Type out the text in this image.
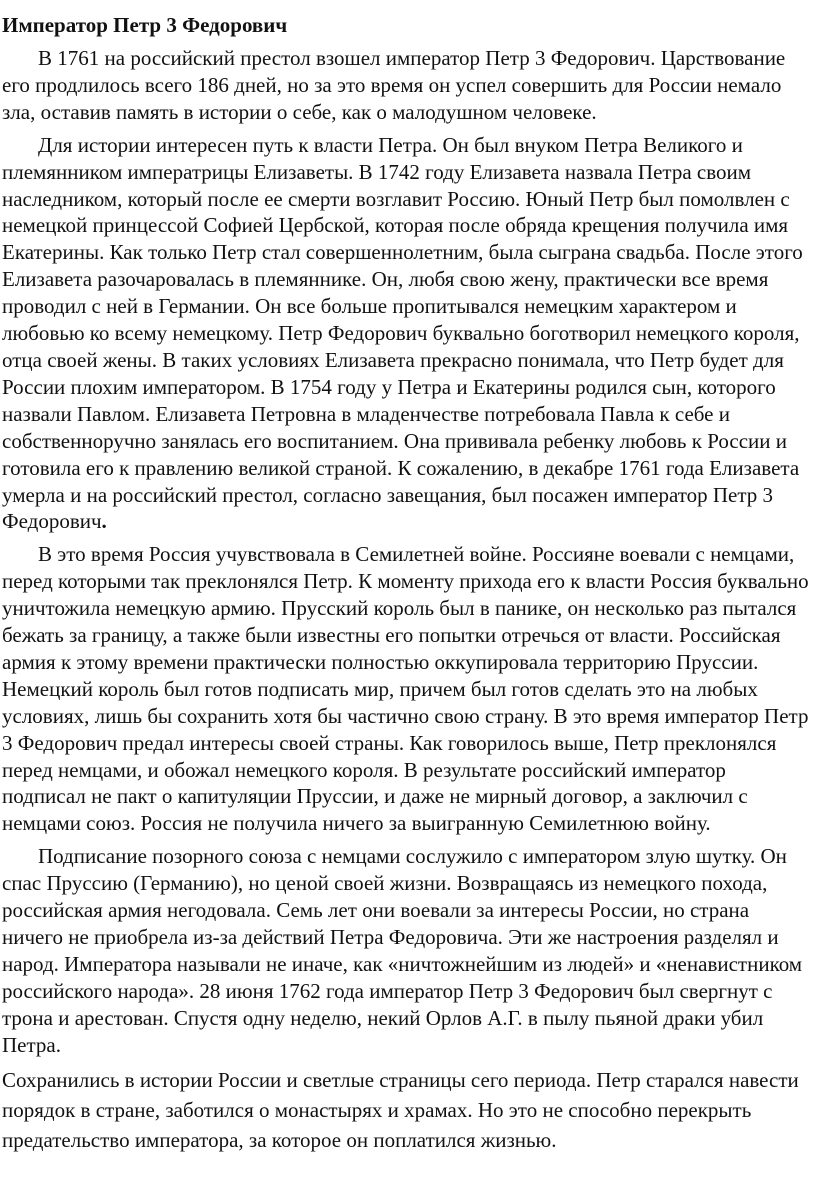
Император Петр 3 Федорович

В 1761 на российский престол взошел император Петр 3 Федорович. Царствование его продлилось всего 186 дней, но за это время он успел совершить для России немало зла, оставив память в истории о себе, как о малодушном человеке.

Для истории интересен путь к власти Петра. Он был внуком Петра Великого и племянником императрицы Елизаветы. В 1742 году Елизавета назвала Петра своим наследником, который после ее смерти возглавит Россию. Юный Петр был помолвлен с немецкой принцессой Софией Цербской, которая после обряда крещения получила имя Екатерины. Как только Петр стал совершеннолетним, была сыграна свадьба. После этого Елизавета разочаровалась в племяннике. Он, любя свою жену, практически все время проводил с ней в Германии. Он все больше пропитывался немецким характером и любовью ко всему немецкому. Петр Федорович буквально боготворил немецкого короля, отца своей жены. В таких условиях Елизавета прекрасно понимала, что Петр будет для России плохим императором. В 1754 году у Петра и Екатерины родился сын, которого назвали Павлом. Елизавета Петровна в младенчестве потребовала Павла к себе и собственноручно занялась его воспитанием. Она прививала ребенку любовь к России и готовила его к правлению великой страной. К сожалению, в декабре 1761 года Елизавета умерла и на российский престол, согласно завещания, был посажен император Петр 3 Федорович.

В это время Россия учувствовала в Семилетней войне. Россияне воевали с немцами, перед которыми так преклонялся Петр. К моменту прихода его к власти Россия буквально уничтожила немецкую армию. Прусский король был в панике, он несколько раз пытался бежать за границу, а также были известны его попытки отречься от власти. Российская армия к этому времени практически полностью оккупировала территорию Пруссии. Немецкий король был готов подписать мир, причем был готов сделать это на любых условиях, лишь бы сохранить хотя бы частично свою страну. В это время император Петр 3 Федорович предал интересы своей страны. Как говорилось выше, Петр преклонялся перед немцами, и обожал немецкого короля. В результате российский император подписал не пакт о капитуляции Пруссии, и даже не мирный договор, а заключил с немцами союз. Россия не получила ничего за выигранную Семилетнюю войну.

Подписание позорного союза с немцами сослужило с императором злую шутку. Он спас Пруссию (Германию), но ценой своей жизни. Возвращаясь из немецкого похода, российская армия негодовала. Семь лет они воевали за интересы России, но страна ничего не приобрела из-за действий Петра Федоровича. Эти же настроения разделял и народ. Императора называли не иначе, как «ничтожнейшим из людей» и «ненавистником российского народа». 28 июня 1762 года император Петр 3 Федорович был свергнут с трона и арестован. Спустя одну неделю, некий Орлов А.Г. в пылу пьяной драки убил Петра.

Сохранились в истории России и светлые страницы сего периода. Петр старался навести порядок в стране, заботился о монастырях и храмах. Но это не способно перекрыть предательство императора, за которое он поплатился жизнью.
